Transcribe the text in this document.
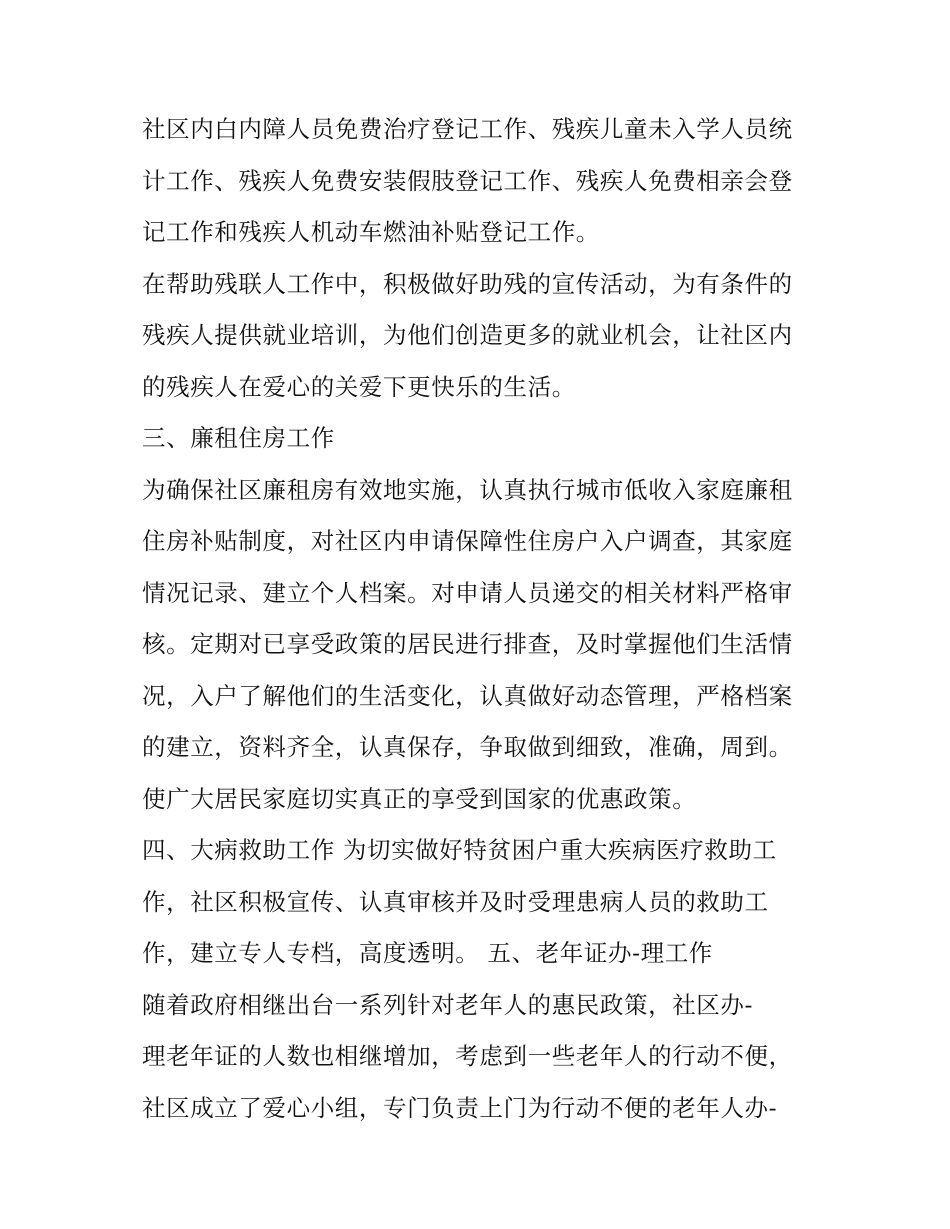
社区内白内障人员免费治疗登记工作、残疾儿童未入学人员统
计工作、残疾人免费安装假肢登记工作、残疾人免费相亲会登
记工作和残疾人机动车燃油补贴登记工作。
在帮助残联人工作中，积极做好助残的宣传活动，为有条件的
残疾人提供就业培训，为他们创造更多的就业机会，让社区内
的残疾人在爱心的关爱下更快乐的生活。
三、廉租住房工作
为确保社区廉租房有效地实施，认真执行城市低收入家庭廉租
住房补贴制度，对社区内申请保障性住房户入户调查，其家庭
情况记录、建立个人档案。对申请人员递交的相关材料严格审
核。定期对已享受政策的居民进行排查，及时掌握他们生活情
况，入户了解他们的生活变化，认真做好动态管理，严格档案
的建立，资料齐全，认真保存，争取做到细致，准确，周到。
使广大居民家庭切实真正的享受到国家的优惠政策。
四、大病救助工作 为切实做好特贫困户重大疾病医疗救助工
作，社区积极宣传、认真审核并及时受理患病人员的救助工
作，建立专人专档，高度透明。 五、老年证办-理工作
随着政府相继出台一系列针对老年人的惠民政策，社区办-
理老年证的人数也相继增加，考虑到一些老年人的行动不便，
社区成立了爱心小组，专门负责上门为行动不便的老年人办-
